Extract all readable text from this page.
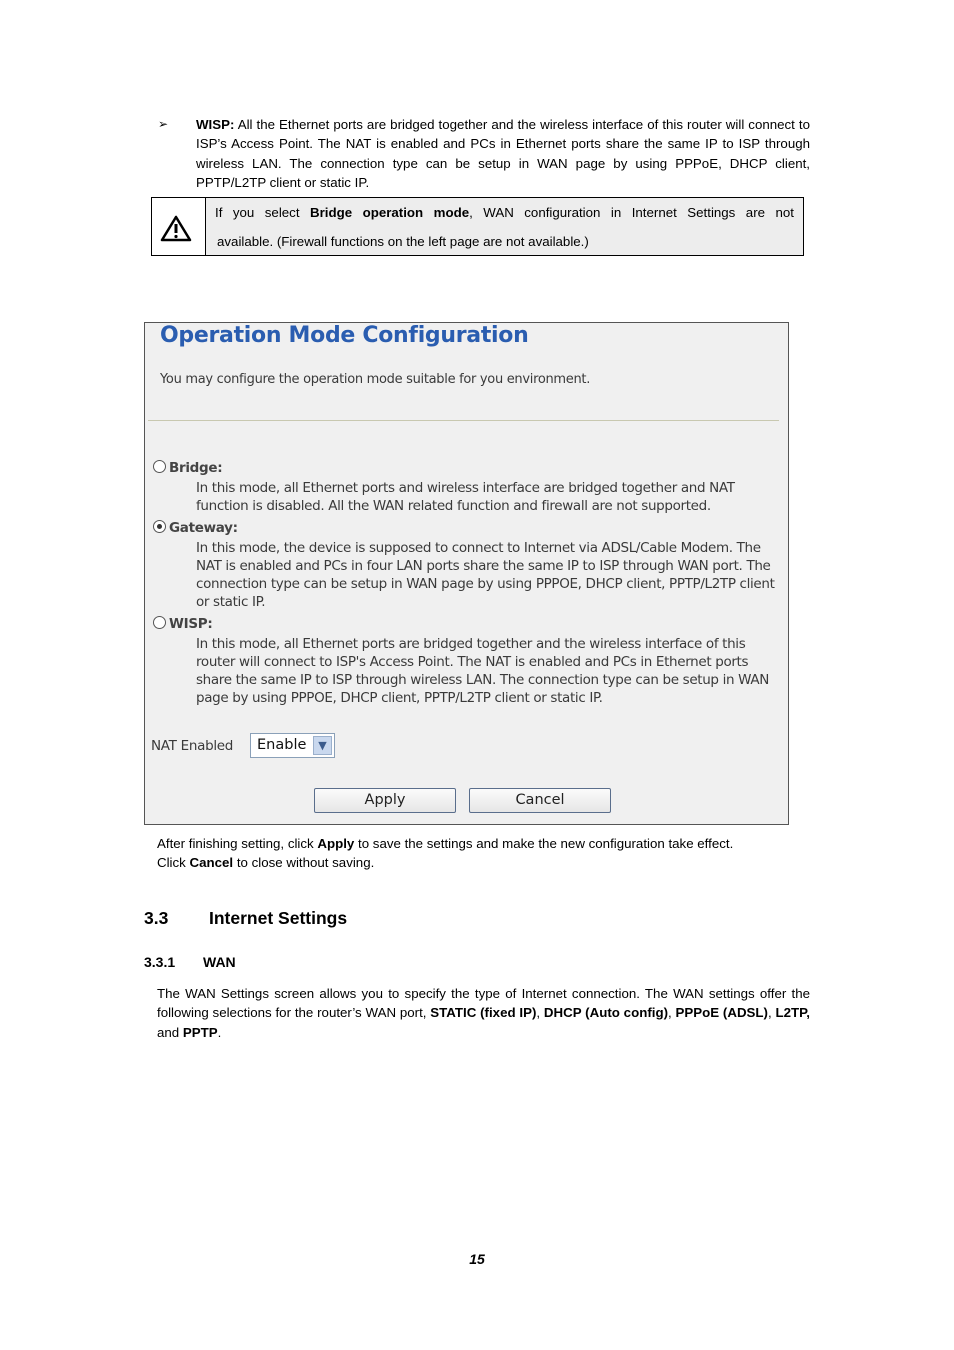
➢ WISP: All the Ethernet ports are bridged together and the wireless interface of this router will connect to ISP’s Access Point. The NAT is enabled and PCs in Ethernet ports share the same IP to ISP through wireless LAN. The connection type can be setup in WAN page by using PPPoE, DHCP client, PPTP/L2TP client or static IP.
If you select Bridge operation mode, WAN configuration in Internet Settings are not
available. (Firewall functions on the left page are not available.)
Operation Mode Configuration
You may configure the operation mode suitable for you environment.
Bridge:
In this mode, all Ethernet ports and wireless interface are bridged together and NAT function is disabled. All the WAN related function and firewall are not supported.
Gateway:
In this mode, the device is supposed to connect to Internet via ADSL/Cable Modem. The NAT is enabled and PCs in four LAN ports share the same IP to ISP through WAN port. The connection type can be setup in WAN page by using PPPOE, DHCP client, PPTP/L2TP client or static IP.
WISP:
In this mode, all Ethernet ports are bridged together and the wireless interface of this router will connect to ISP's Access Point. The NAT is enabled and PCs in Ethernet ports share the same IP to ISP through wireless LAN. The connection type can be setup in WAN page by using PPPOE, DHCP client, PPTP/L2TP client or static IP.
NAT Enabled Enable	▼
Apply	Cancel
After finishing setting, click Apply to save the settings and make the new configuration take effect.
Click Cancel to close without saving.
3.3 Internet Settings
3.3.1 WAN
The WAN Settings screen allows you to specify the type of Internet connection. The WAN settings offer the following selections for the router’s WAN port, STATIC (fixed IP), DHCP (Auto config), PPPoE (ADSL), L2TP, and PPTP.
15
